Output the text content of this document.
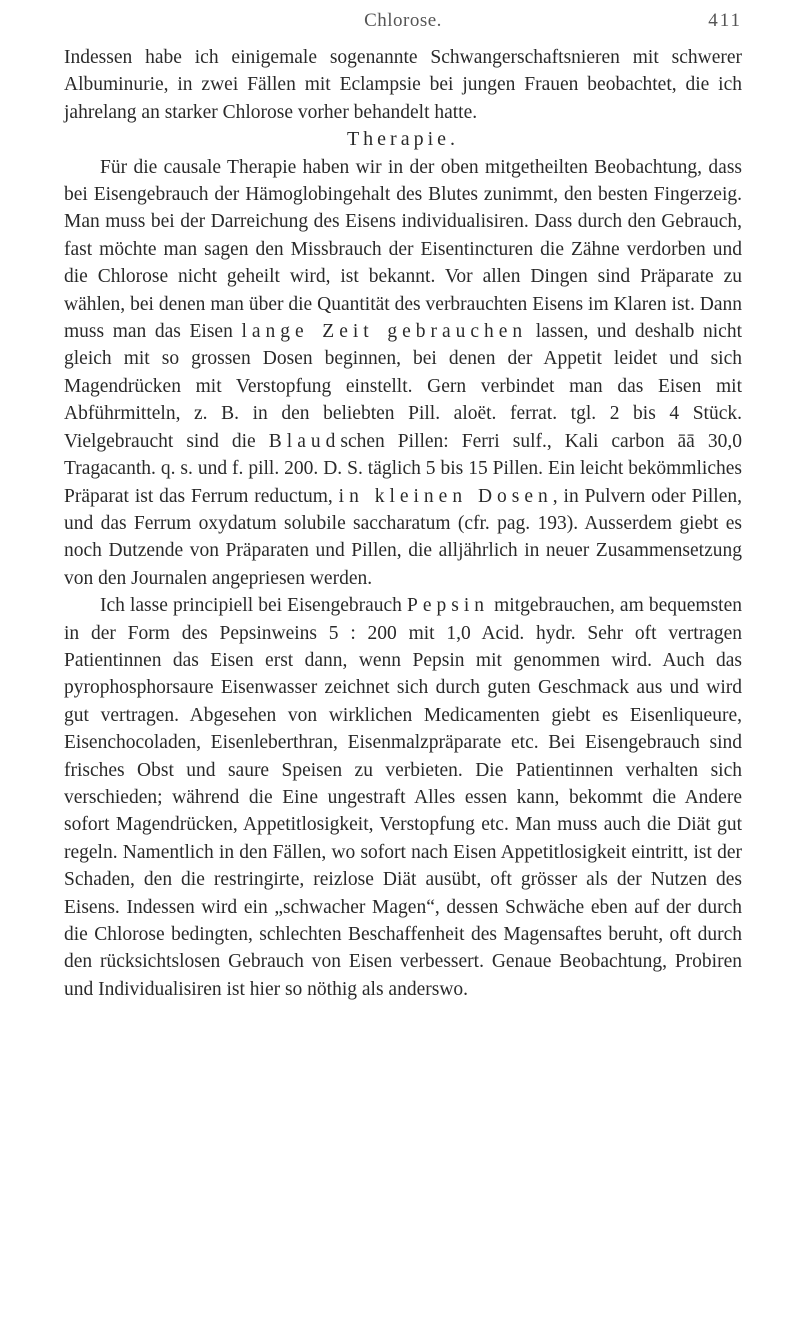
Chlorose.	411

Indessen habe ich einigemale sogenannte Schwangerschaftsnieren mit schwerer Albuminurie, in zwei Fällen mit Eclampsie bei jungen Frauen beobachtet, die ich jahrelang an starker Chlorose vorher behandelt hatte.

Therapie.

Für die causale Therapie haben wir in der oben mitgetheilten Beobachtung, dass bei Eisengebrauch der Hämoglobingehalt des Blutes zunimmt, den besten Fingerzeig. Man muss bei der Darreichung des Eisens individualisiren. Dass durch den Gebrauch, fast möchte man sagen den Missbrauch der Eisentincturen die Zähne verdorben und die Chlorose nicht geheilt wird, ist bekannt. Vor allen Dingen sind Präparate zu wählen, bei denen man über die Quantität des verbrauchten Eisens im Klaren ist. Dann muss man das Eisen lange Zeit gebrauchen lassen, und deshalb nicht gleich mit so grossen Dosen beginnen, bei denen der Appetit leidet und sich Magendrücken mit Verstopfung einstellt. Gern verbindet man das Eisen mit Abführmitteln, z. B. in den beliebten Pill. aloët. ferrat. tgl. 2 bis 4 Stück. Vielgebraucht sind die Blaudschen Pillen: Ferri sulf., Kali carbon āā 30,0 Tragacanth. q. s. und f. pill. 200. D. S. täglich 5 bis 15 Pillen. Ein leicht bekömmliches Präparat ist das Ferrum reductum, in kleinen Dosen, in Pulvern oder Pillen, und das Ferrum oxydatum solubile saccharatum (cfr. pag. 193). Ausserdem giebt es noch Dutzende von Präparaten und Pillen, die alljährlich in neuer Zusammensetzung von den Journalen angepriesen werden.

Ich lasse principiell bei Eisengebrauch Pepsin mitgebrauchen, am bequemsten in der Form des Pepsinweins 5 : 200 mit 1,0 Acid. hydr. Sehr oft vertragen Patientinnen das Eisen erst dann, wenn Pepsin mit genommen wird. Auch das pyrophosphorsaure Eisenwasser zeichnet sich durch guten Geschmack aus und wird gut vertragen. Abgesehen von wirklichen Medicamenten giebt es Eisenliqueure, Eisenchocoladen, Eisenleberthran, Eisenmalzpräparate etc. Bei Eisengebrauch sind frisches Obst und saure Speisen zu verbieten. Die Patientinnen verhalten sich verschieden; während die Eine ungestraft Alles essen kann, bekommt die Andere sofort Magendrücken, Appetitlosigkeit, Verstopfung etc. Man muss auch die Diät gut regeln. Namentlich in den Fällen, wo sofort nach Eisen Appetitlosigkeit eintritt, ist der Schaden, den die restringirte, reizlose Diät ausübt, oft grösser als der Nutzen des Eisens. Indessen wird ein „schwacher Magen“, dessen Schwäche eben auf der durch die Chlorose bedingten, schlechten Beschaffenheit des Magensaftes beruht, oft durch den rücksichtslosen Gebrauch von Eisen verbessert. Genaue Beobachtung, Probiren und Individualisiren ist hier so nöthig als anderswo.
